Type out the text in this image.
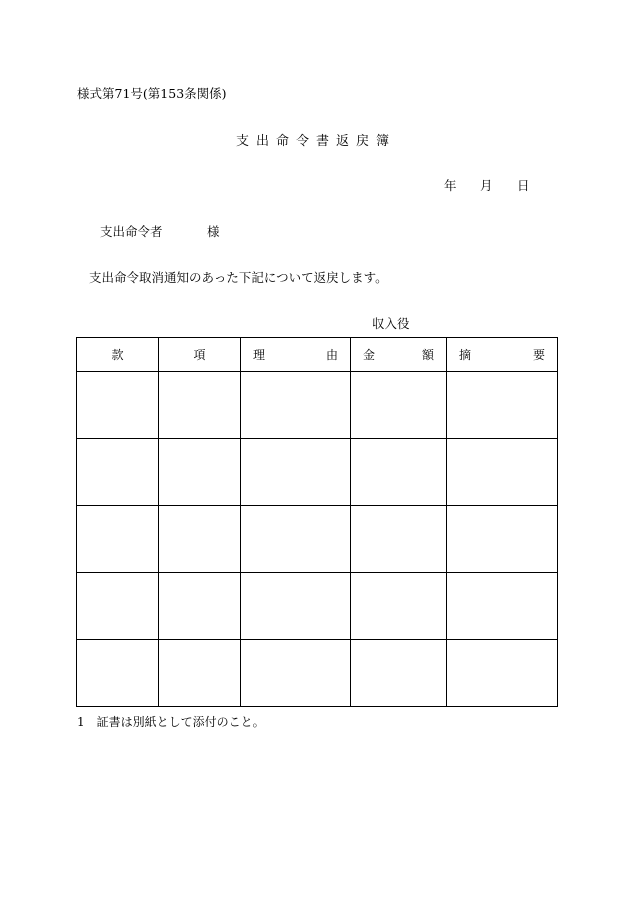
様式第71号(第153条関係)
支出命令書返戻簿
年 月 日
支出命令者	様
支出命令取消通知のあった下記について返戻します。
収入役
款	項	理 由	金 額	摘 要

1　証書は別紙として添付のこと。
